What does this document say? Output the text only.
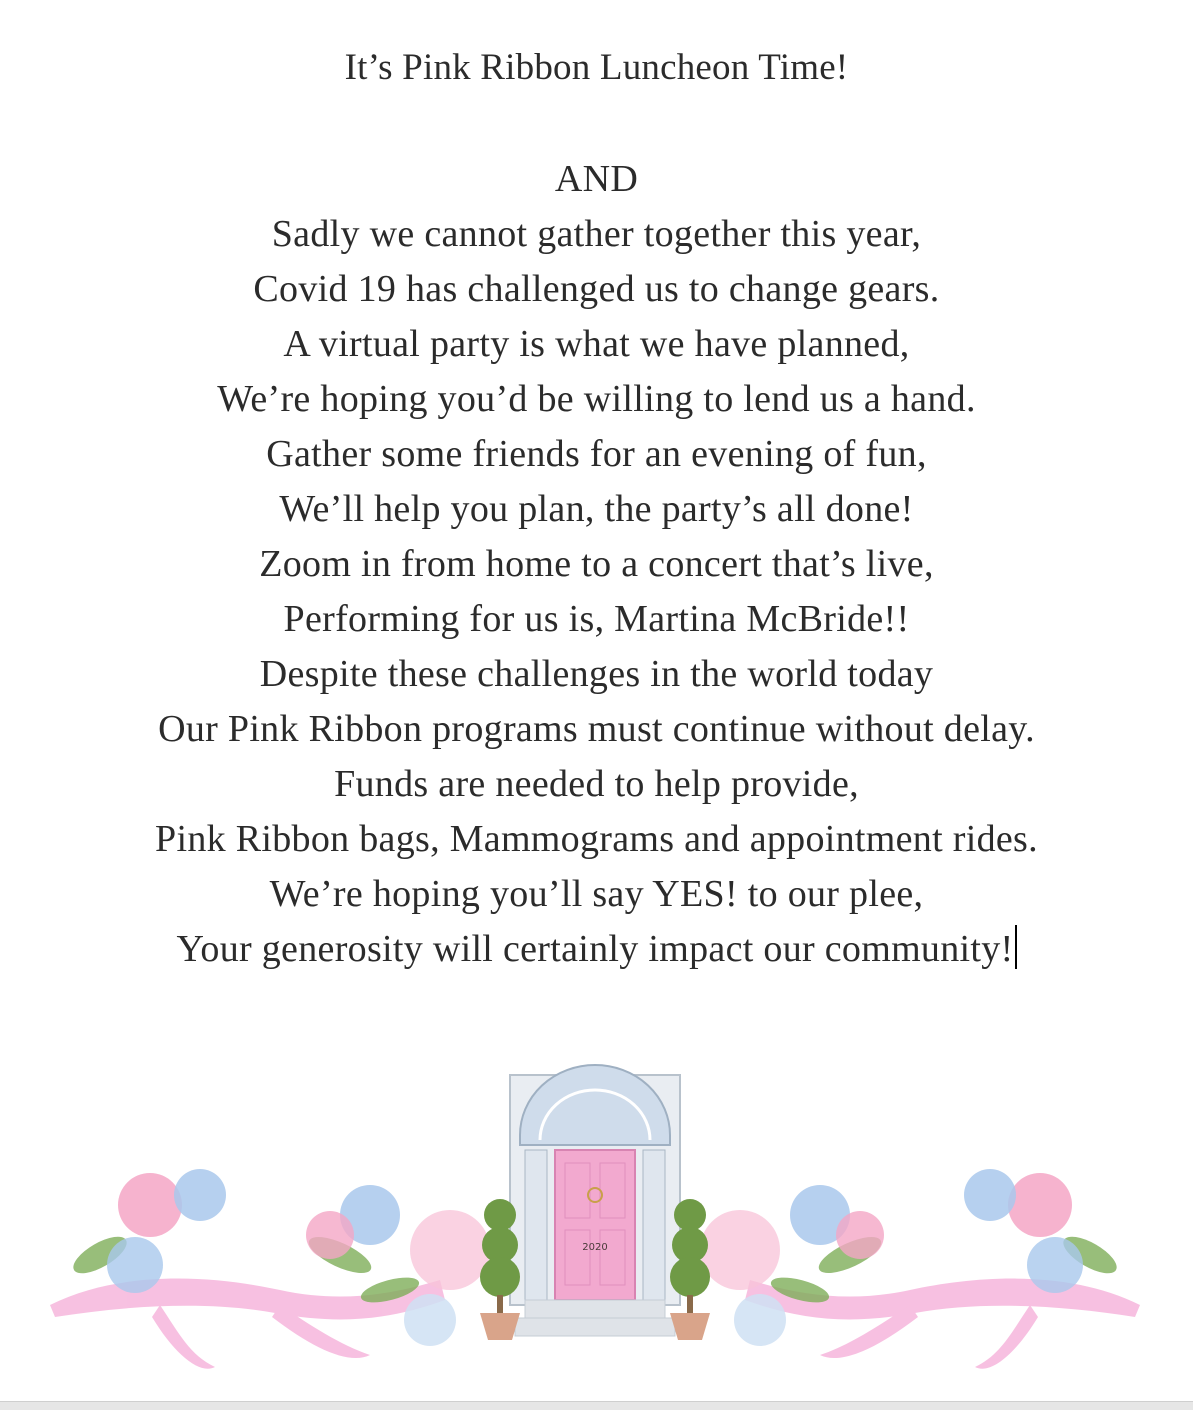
It’s Pink Ribbon Luncheon Time!
AND
Sadly we cannot gather together this year,
Covid 19 has challenged us to change gears.
A virtual party is what we have planned,
We’re hoping you’d be willing to lend us a hand.
Gather some friends for an evening of fun,
We’ll help you plan, the party’s all done!
Zoom in from home to a concert that’s live,
Performing for us is, Martina McBride!!
Despite these challenges in the world today
Our Pink Ribbon programs must continue without delay.
Funds are needed to help provide,
Pink Ribbon bags, Mammograms and appointment rides.
We’re hoping you’ll say YES! to our plee,
Your generosity will certainly impact our community!
2020
